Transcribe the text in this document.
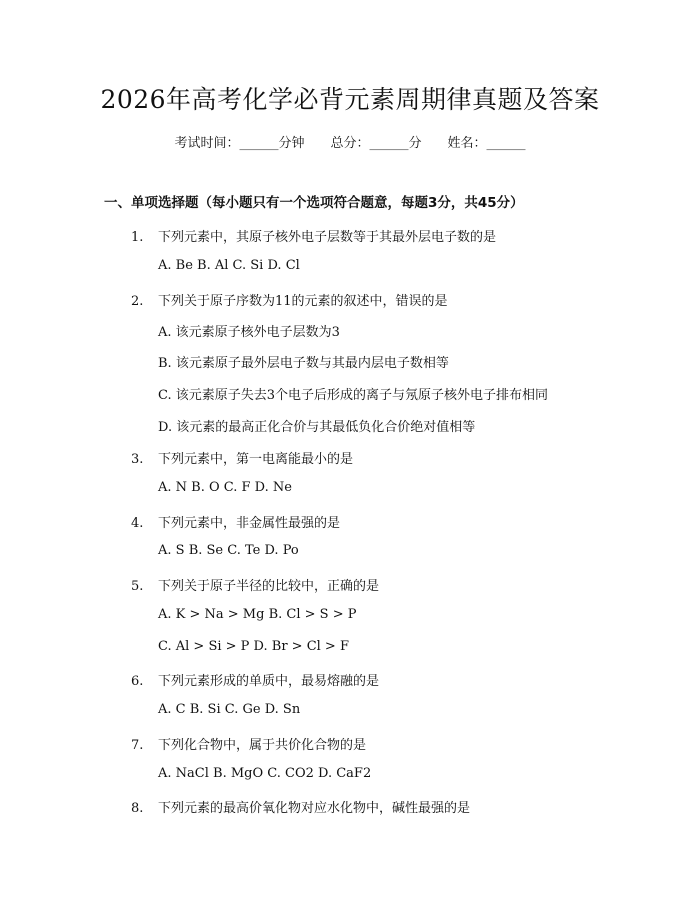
2026年高考化学必背元素周期律真题及答案
考试时间：______分钟 总分：______分 姓名：______
一、单项选择题（每小题只有一个选项符合题意，每题3分，共45分）
1. 下列元素中，其原子核外电子层数等于其最外层电子数的是
A. Be B. Al C. Si D. Cl
2. 下列关于原子序数为11的元素的叙述中，错误的是
A. 该元素原子核外电子层数为3
B. 该元素原子最外层电子数与其最内层电子数相等
C. 该元素原子失去3个电子后形成的离子与氖原子核外电子排布相同
D. 该元素的最高正化合价与其最低负化合价绝对值相等
3. 下列元素中，第一电离能最小的是
A. N B. O C. F D. Ne
4. 下列元素中，非金属性最强的是
A. S B. Se C. Te D. Po
5. 下列关于原子半径的比较中，正确的是
A. K > Na > Mg B. Cl > S > P
C. Al > Si > P D. Br > Cl > F
6. 下列元素形成的单质中，最易熔融的是
A. C B. Si C. Ge D. Sn
7. 下列化合物中，属于共价化合物的是
A. NaCl B. MgO C. CO2 D. CaF2
8. 下列元素的最高价氧化物对应水化物中，碱性最强的是
